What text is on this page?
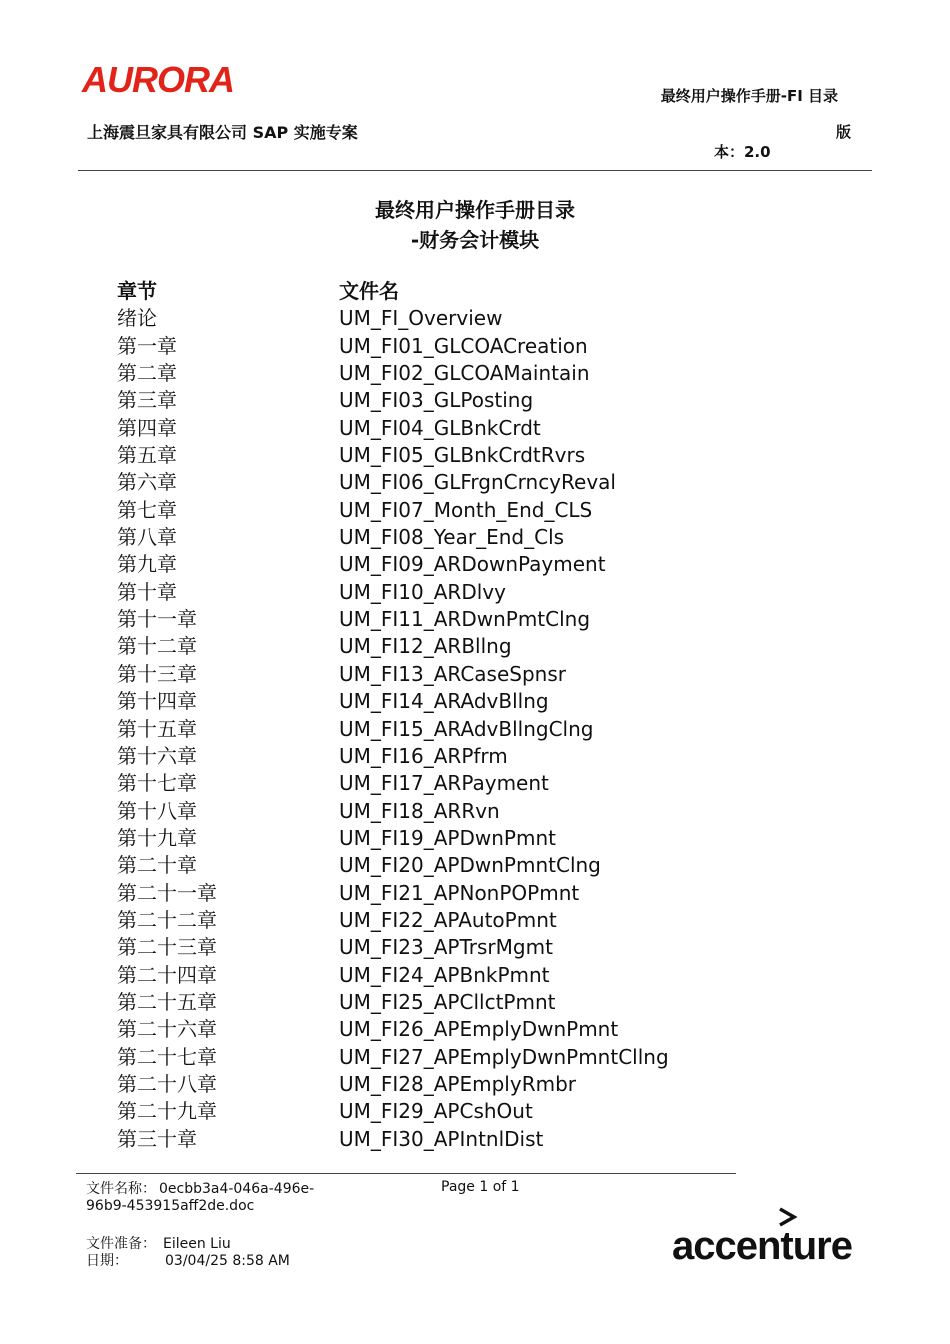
AURORA	最终用户操作手册-FI 目录
上海震旦家具有限公司 SAP 实施专案	版
本：2.0
最终用户操作手册目录
-财务会计模块
章节	文件名
绪论	UM_FI_Overview
第一章	UM_FI01_GLCOACreation
第二章	UM_FI02_GLCOAMaintain
第三章	UM_FI03_GLPosting
第四章	UM_FI04_GLBnkCrdt
第五章	UM_FI05_GLBnkCrdtRvrs
第六章	UM_FI06_GLFrgnCrncyReval
第七章	UM_FI07_Month_End_CLS
第八章	UM_FI08_Year_End_Cls
第九章	UM_FI09_ARDownPayment
第十章	UM_FI10_ARDlvy
第十一章	UM_FI11_ARDwnPmtClng
第十二章	UM_FI12_ARBllng
第十三章	UM_FI13_ARCaseSpnsr
第十四章	UM_FI14_ARAdvBllng
第十五章	UM_FI15_ARAdvBllngClng
第十六章	UM_FI16_ARPfrm
第十七章	UM_FI17_ARPayment
第十八章	UM_FI18_ARRvn
第十九章	UM_FI19_APDwnPmnt
第二十章	UM_FI20_APDwnPmntClng
第二十一章	UM_FI21_APNonPOPmnt
第二十二章	UM_FI22_APAutoPmnt
第二十三章	UM_FI23_APTrsrMgmt
第二十四章	UM_FI24_APBnkPmnt
第二十五章	UM_FI25_APCllctPmnt
第二十六章	UM_FI26_APEmplyDwnPmnt
第二十七章	UM_FI27_APEmplyDwnPmntCllng
第二十八章	UM_FI28_APEmplyRmbr
第二十九章	UM_FI29_APCshOut
第三十章	UM_FI30_APIntnlDist
文件名称： 0ecbb3a4-046a-496e-
96b9-453915aff2de.doc
Page 1 of 1
文件准备： Eileen Liu
日期：	03/04/25 8:58 AM	accenture
